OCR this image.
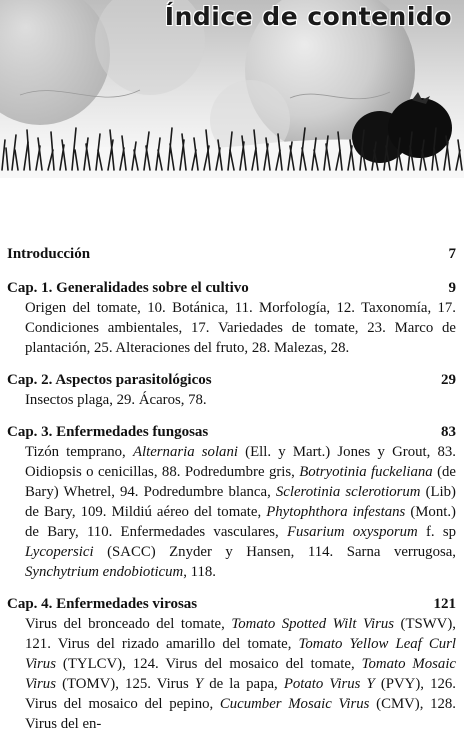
Índice de contenido
Introducción	7
Cap. 1. Generalidades sobre el cultivo	9

Origen del tomate, 10. Botánica, 11. Morfología, 12. Taxonomía, 17. Condiciones ambientales, 17. Variedades de tomate, 23. Marco de plantación, 25. Alteraciones del fruto, 28. Malezas, 28.

Cap. 2. Aspectos parasitológicos	29

Insectos plaga, 29. Ácaros, 78.

Cap. 3. Enfermedades fungosas	83

Tizón temprano, Alternaria solani (Ell. y Mart.) Jones y Grout, 83. Oidiopsis o cenicillas, 88. Podredumbre gris, Botryotinia fuckeliana (de Bary) Whetrel, 94. Podredumbre blanca, Sclerotinia sclerotiorum (Lib) de Bary, 109. Mildiú aéreo del tomate, Phytophthora infestans (Mont.) de Bary, 110. Enfermedades vasculares, Fusarium oxysporum f. sp Lycopersici (SACC) Znyder y Hansen, 114. Sarna verrugosa, Synchytrium endobioticum, 118.

Cap. 4. Enfermedades virosas	121

Virus del bronceado del tomate, Tomato Spotted Wilt Virus (TSWV), 121. Virus del rizado amarillo del tomate, Tomato Yellow Leaf Curl Virus (TYLCV), 124. Virus del mosaico del tomate, Tomato Mosaic Virus (TOMV), 125. Virus Y de la papa, Potato Virus Y (PVY), 126. Virus del mosaico del pepino, Cucumber Mosaic Virus (CMV), 128. Virus del en-
